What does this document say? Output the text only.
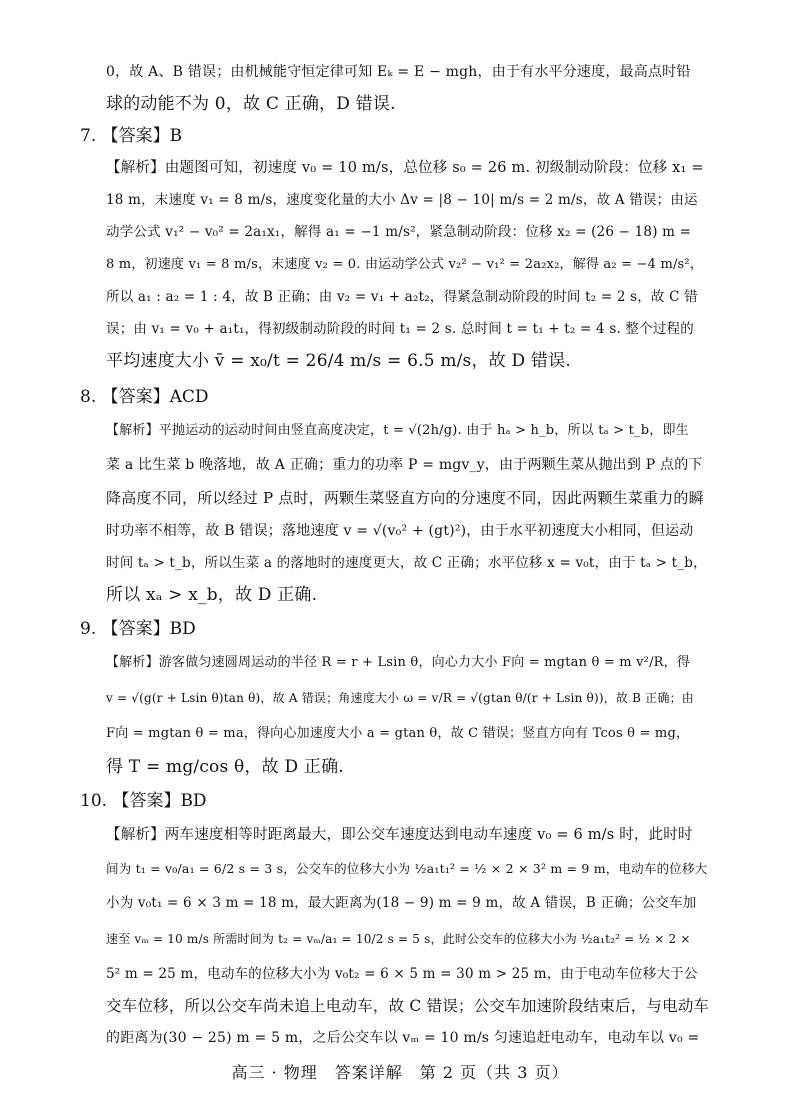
0，故 A、B 错误；由机械能守恒定律可知 Eₖ = E − mgh，由于有水平分速度，最高点时铅
球的动能不为 0，故 C 正确，D 错误.
7. 【答案】B
【解析】由题图可知，初速度 v₀ = 10 m/s，总位移 s₀ = 26 m. 初级制动阶段：位移 x₁ =
18 m，末速度 v₁ = 8 m/s，速度变化量的大小 Δv = |8 − 10| m/s = 2 m/s，故 A 错误；由运
动学公式 v₁² − v₀² = 2a₁x₁，解得 a₁ = −1 m/s²，紧急制动阶段：位移 x₂ = (26 − 18) m =
8 m，初速度 v₁ = 8 m/s，末速度 v₂ = 0. 由运动学公式 v₂² − v₁² = 2a₂x₂，解得 a₂ = −4 m/s²，
所以 a₁ : a₂ = 1 : 4，故 B 正确；由 v₂ = v₁ + a₂t₂，得紧急制动阶段的时间 t₂ = 2 s，故 C 错
误；由 v₁ = v₀ + a₁t₁，得初级制动阶段的时间 t₁ = 2 s. 总时间 t = t₁ + t₂ = 4 s. 整个过程的
平均速度大小 v̄ = x₀/t = 26/4 m/s = 6.5 m/s，故 D 错误.
8. 【答案】ACD
【解析】平抛运动的运动时间由竖直高度决定，t = √(2h/g). 由于 hₐ > h_b，所以 tₐ > t_b，即生
菜 a 比生菜 b 晚落地，故 A 正确；重力的功率 P = mgv_y，由于两颗生菜从抛出到 P 点的下
降高度不同，所以经过 P 点时，两颗生菜竖直方向的分速度不同，因此两颗生菜重力的瞬
时功率不相等，故 B 错误；落地速度 v = √(v₀² + (gt)²)，由于水平初速度大小相同，但运动
时间 tₐ > t_b，所以生菜 a 的落地时的速度更大，故 C 正确；水平位移 x = v₀t，由于 tₐ > t_b，
所以 xₐ > x_b，故 D 正确.
9. 【答案】BD
【解析】游客做匀速圆周运动的半径 R = r + Lsin θ，向心力大小 F向 = mgtan θ = m v²/R，得
v = √(g(r + Lsin θ)tan θ)，故 A 错误；角速度大小 ω = v/R = √(gtan θ/(r + Lsin θ))，故 B 正确；由
F向 = mgtan θ = ma，得向心加速度大小 a = gtan θ，故 C 错误；竖直方向有 Tcos θ = mg，
得 T = mg/cos θ，故 D 正确.
10. 【答案】BD
【解析】两车速度相等时距离最大，即公交车速度达到电动车速度 v₀ = 6 m/s 时，此时时
间为 t₁ = v₀/a₁ = 6/2 s = 3 s，公交车的位移大小为 ½a₁t₁² = ½ × 2 × 3² m = 9 m，电动车的位移大
小为 v₀t₁ = 6 × 3 m = 18 m，最大距离为(18 − 9) m = 9 m，故 A 错误，B 正确；公交车加
速至 vₘ = 10 m/s 所需时间为 t₂ = vₘ/a₁ = 10/2 s = 5 s，此时公交车的位移大小为 ½a₁t₂² = ½ × 2 ×
5² m = 25 m，电动车的位移大小为 v₀t₂ = 6 × 5 m = 30 m > 25 m，由于电动车位移大于公
交车位移，所以公交车尚未追上电动车，故 C 错误；公交车加速阶段结束后，与电动车
的距离为(30 − 25) m = 5 m，之后公交车以 vₘ = 10 m/s 匀速追赶电动车，电动车以 v₀ =
高三 · 物理　答案详解　第 2 页（共 3 页）
